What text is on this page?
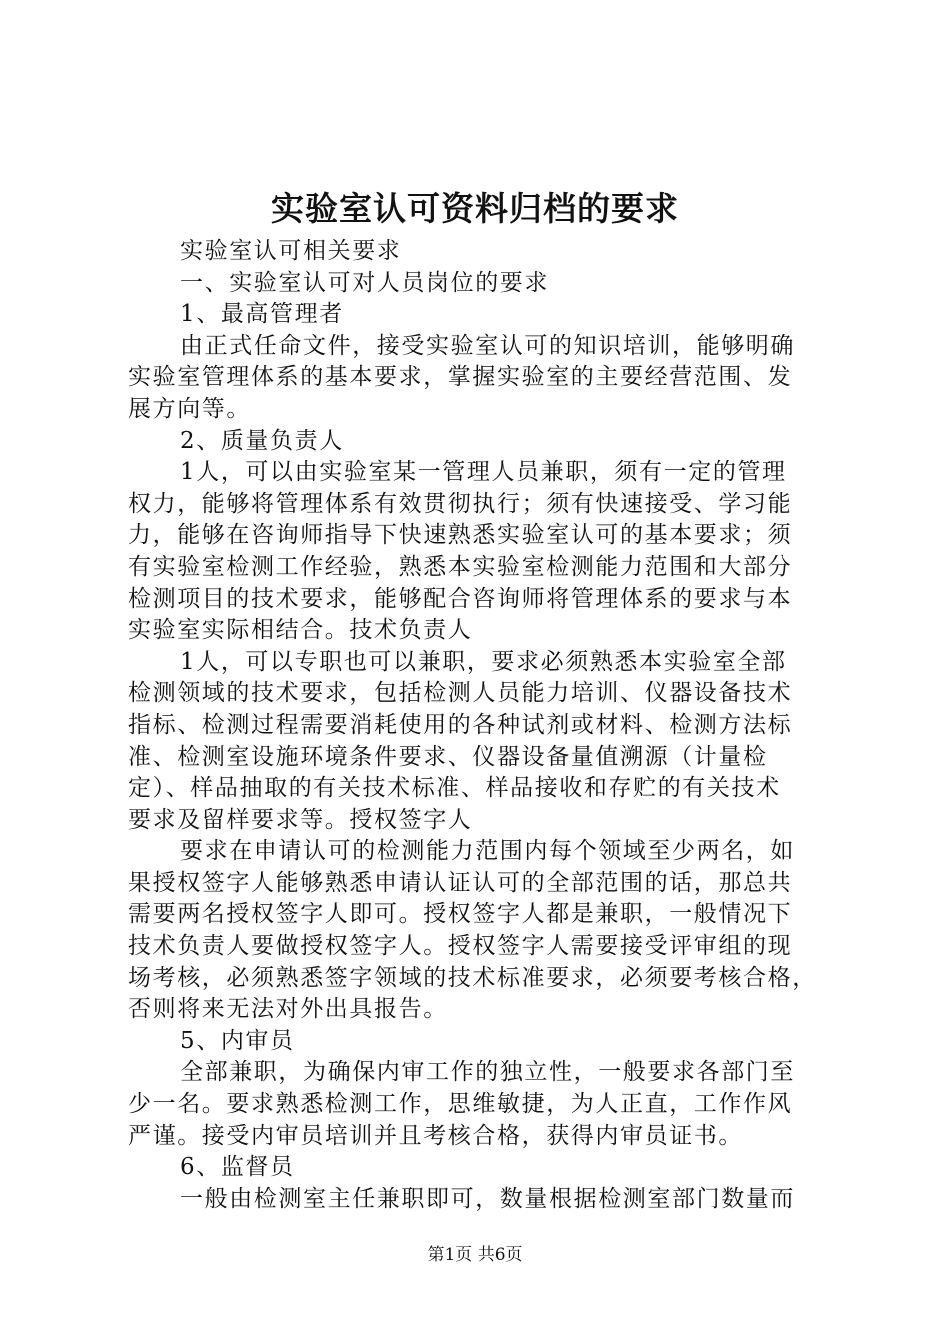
实验室认可资料归档的要求
实验室认可相关要求
一、实验室认可对人员岗位的要求
1、最高管理者
由正式任命文件，接受实验室认可的知识培训，能够明确
实验室管理体系的基本要求，掌握实验室的主要经营范围、发
展方向等。
2、质量负责人
1人，可以由实验室某一管理人员兼职，须有一定的管理
权力，能够将管理体系有效贯彻执行；须有快速接受、学习能
力，能够在咨询师指导下快速熟悉实验室认可的基本要求；须
有实验室检测工作经验，熟悉本实验室检测能力范围和大部分
检测项目的技术要求，能够配合咨询师将管理体系的要求与本
实验室实际相结合。技术负责人
1人，可以专职也可以兼职，要求必须熟悉本实验室全部
检测领域的技术要求，包括检测人员能力培训、仪器设备技术
指标、检测过程需要消耗使用的各种试剂或材料、检测方法标
准、检测室设施环境条件要求、仪器设备量值溯源（计量检
定）、样品抽取的有关技术标准、样品接收和存贮的有关技术
要求及留样要求等。授权签字人
要求在申请认可的检测能力范围内每个领域至少两名，如
果授权签字人能够熟悉申请认证认可的全部范围的话，那总共
需要两名授权签字人即可。授权签字人都是兼职，一般情况下
技术负责人要做授权签字人。授权签字人需要接受评审组的现
场考核，必须熟悉签字领域的技术标准要求，必须要考核合格，
否则将来无法对外出具报告。
5、内审员
全部兼职，为确保内审工作的独立性，一般要求各部门至
少一名。要求熟悉检测工作，思维敏捷，为人正直，工作作风
严谨。接受内审员培训并且考核合格，获得内审员证书。
6、监督员
一般由检测室主任兼职即可，数量根据检测室部门数量而
第1页 共6页
